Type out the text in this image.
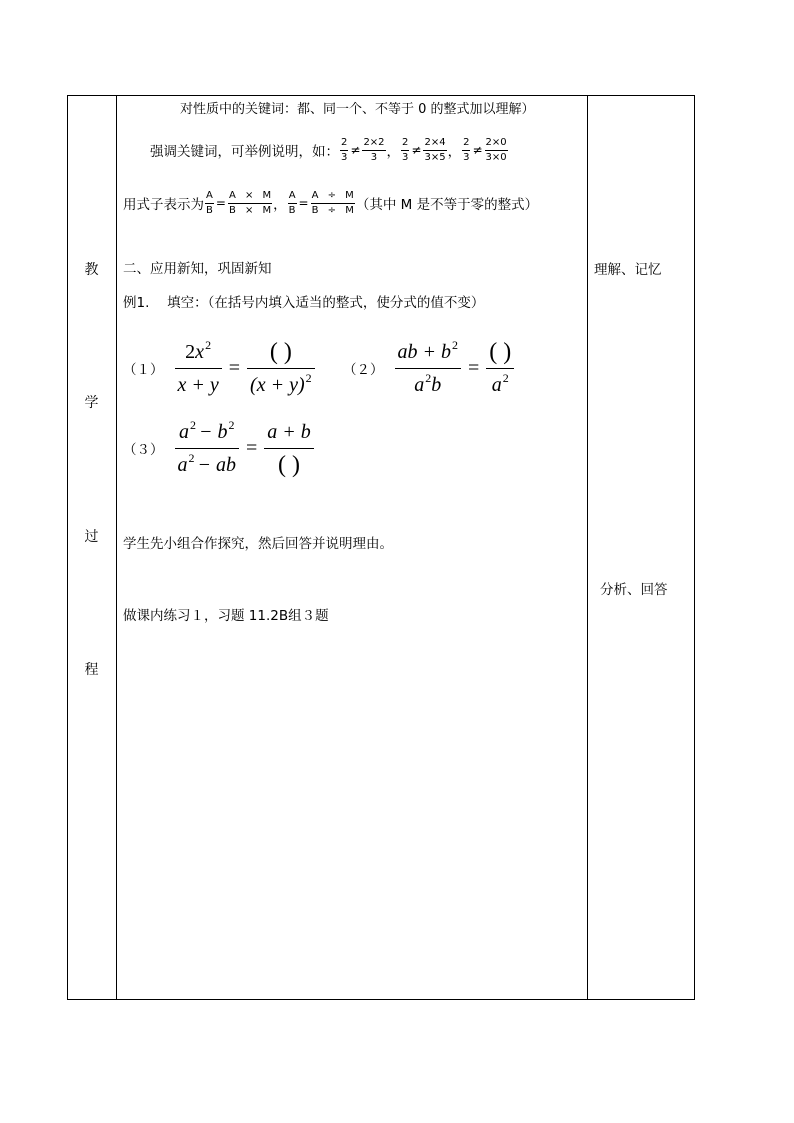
教
学
过
程
理解、记忆
分析、回答
对性质中的关键词：都、同一个、不等于 0 的整式加以理解）
强调关键词，可举例说明，如： $\frac{2}{3} \ne \frac{2\times 2}{3}$ ， $\frac{2}{3} \ne \frac{2\times 4}{3\times 5}$ ， $\frac{2}{3} \ne \frac{2\times 0}{3\times 0}$
用式子表示为 $\frac{A}{B} = \frac{A \times M}{B \times M}$ ， $\frac{A}{B} = \frac{A \div M}{B \div M}$ （其中 M 是不等于零的整式）
二、应用新知，巩固新知
例1.　 填空：（在括号内填入适当的整式，使分式的值不变）
$(1) \frac{2x^2}{x + y}$ =
( )
$(x + y)^2$ $(2) \frac{ab + b^2}{a^2b}$ =
( )
$a^2$
$(3) \frac{a^2 - b^2}{a^2 - ab}$ =
a + b
( )
学生先小组合作探究，然后回答并说明理由。
做课内练习１，习题 11.2B组３题
